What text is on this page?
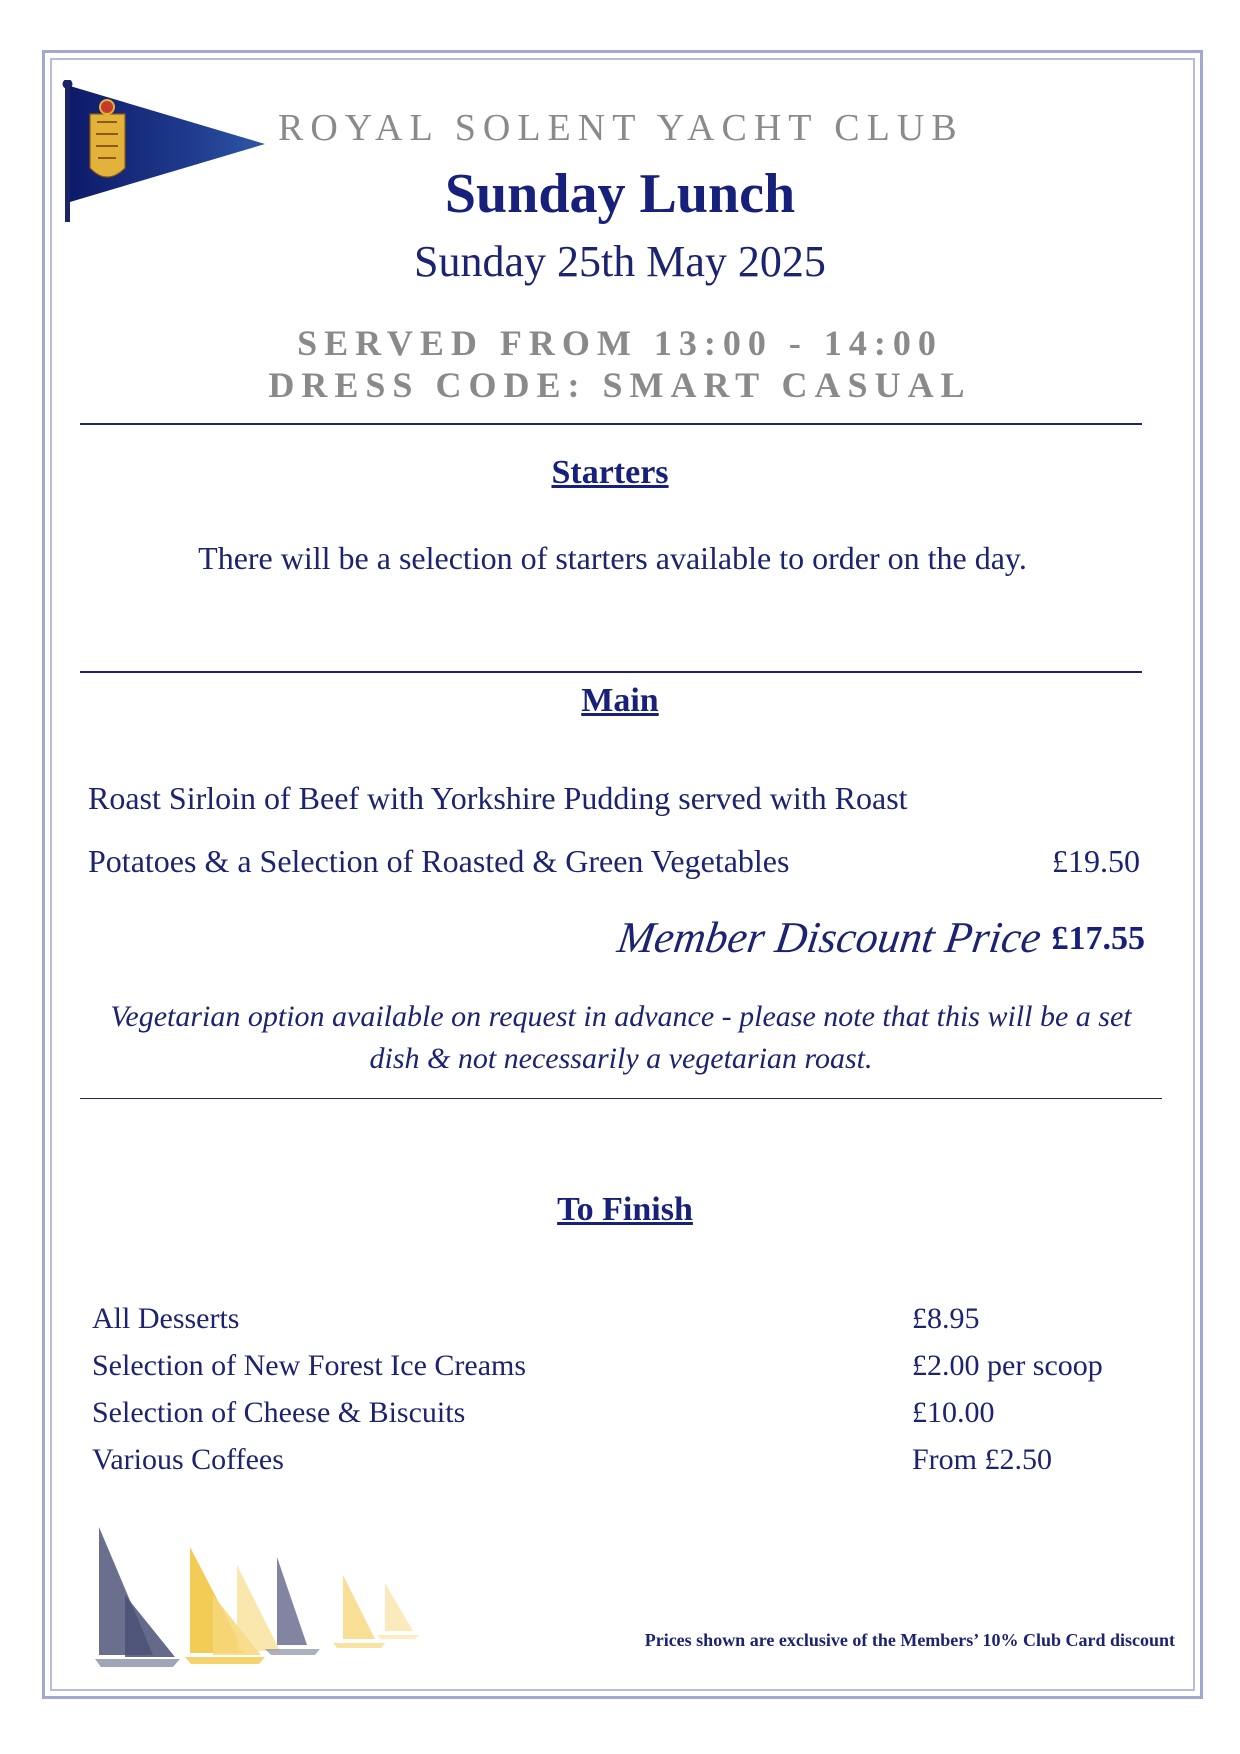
ROYAL SOLENT YACHT CLUB
Sunday Lunch
Sunday 25th May 2025
SERVED FROM 13:00 - 14:00
DRESS CODE: SMART CASUAL
Starters
There will be a selection of starters available to order on the day.
Main
Roast Sirloin of Beef with Yorkshire Pudding served with Roast
Potatoes & a Selection of Roasted & Green Vegetables	£19.50
Member Discount Price £17.55
Vegetarian option available on request in advance - please note that this will be a set
dish & not necessarily a vegetarian roast.
To Finish
All Desserts	£8.95
Selection of New Forest Ice Creams	£2.00 per scoop
Selection of Cheese & Biscuits	£10.00
Various Coffees	From £2.50
Prices shown are exclusive of the Members’ 10% Club Card discount
